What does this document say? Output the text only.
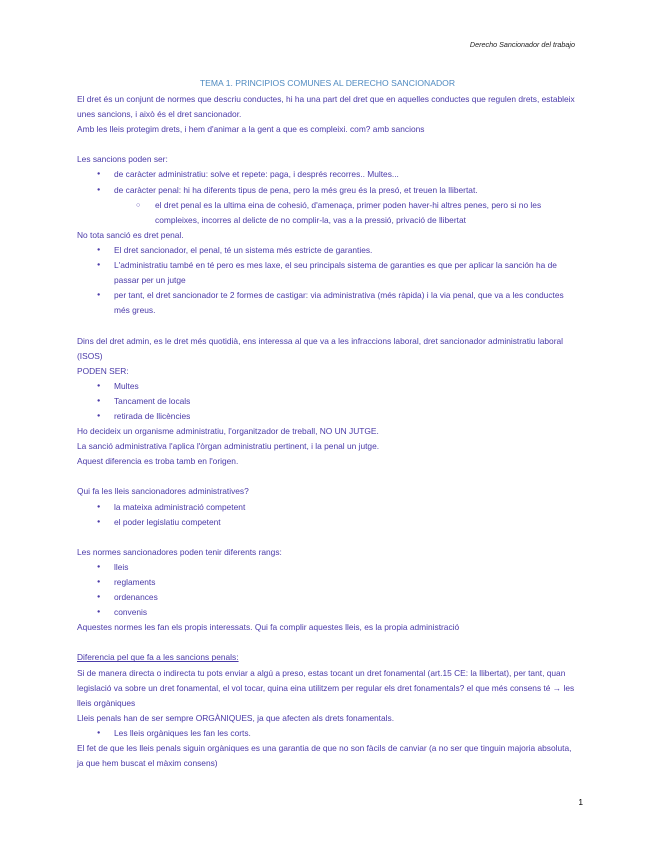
Derecho Sancionador del trabajo
TEMA 1. PRINCIPIOS COMUNES AL DERECHO SANCIONADOR

El dret és un conjunt de normes que descriu conductes, hi ha una part del dret que en aquelles conductes que regulen drets, estableix unes sancions, i això és el dret sancionador.

Amb les lleis protegim drets, i hem d'animar a la gent a que es compleixi. com? amb sancions

Les sancions poden ser:

● de caràcter administratiu: solve et repete: paga, i després recorres.. Multes...
● de caràcter penal: hi ha diferents tipus de pena, pero la més greu és la presó, et treuen la llibertat.
○ el dret penal es la ultima eina de cohesió, d'amenaça, primer poden haver-hi altres penes, pero si no les compleixes, incorres al delicte de no complir-la, vas a la pressió, privació de llibertat

No tota sanció es dret penal.

● El dret sancionador, el penal, té un sistema més estricte de garanties.
● L'administratiu també en té pero es mes laxe, el seu principals sistema de garanties es que per aplicar la sanción ha de passar per un jutge
● per tant, el dret sancionador te 2 formes de castigar: via administrativa (més ràpida) i la via penal, que va a les conductes més greus.

Dins del dret admin, es le dret més quotidià, ens interessa al que va a les infraccions laboral, dret sancionador administratiu laboral (ISOS)

PODEN SER:

● Multes
● Tancament de locals
● retirada de llicències

Ho decideix un organisme administratiu, l'organitzador de treball, NO UN JUTGE.

La sanció administrativa l'aplica l'òrgan administratiu pertinent, i la penal un jutge.

Aquest diferencia es troba tamb en l'origen.

Qui fa les lleis sancionadores administratives?

● la mateixa administració competent
● el poder legislatiu competent

Les normes sancionadores poden tenir diferents rangs:

● lleis
● reglaments
● ordenances
● convenis

Aquestes normes les fan els propis interessats. Qui fa complir aquestes lleis, es la propia administració

Diferencia pel que fa a les sancions penals:

Si de manera directa o indirecta tu pots enviar a algú a preso, estas tocant un dret fonamental (art.15 CE: la llibertat), per tant, quan legislació va sobre un dret fonamental, el vol tocar, quina eina utilitzem per regular els dret fonamentals? el que més consens té → les lleis orgàniques

Lleis penals han de ser sempre ORGÀNIQUES, ja que afecten als drets fonamentals.

● Les lleis orgàniques les fan les corts.

El fet de que les lleis penals siguin orgàniques es una garantia de que no son fàcils de canviar (a no ser que tinguin majoria absoluta, ja que hem buscat el màxim consens)

1
